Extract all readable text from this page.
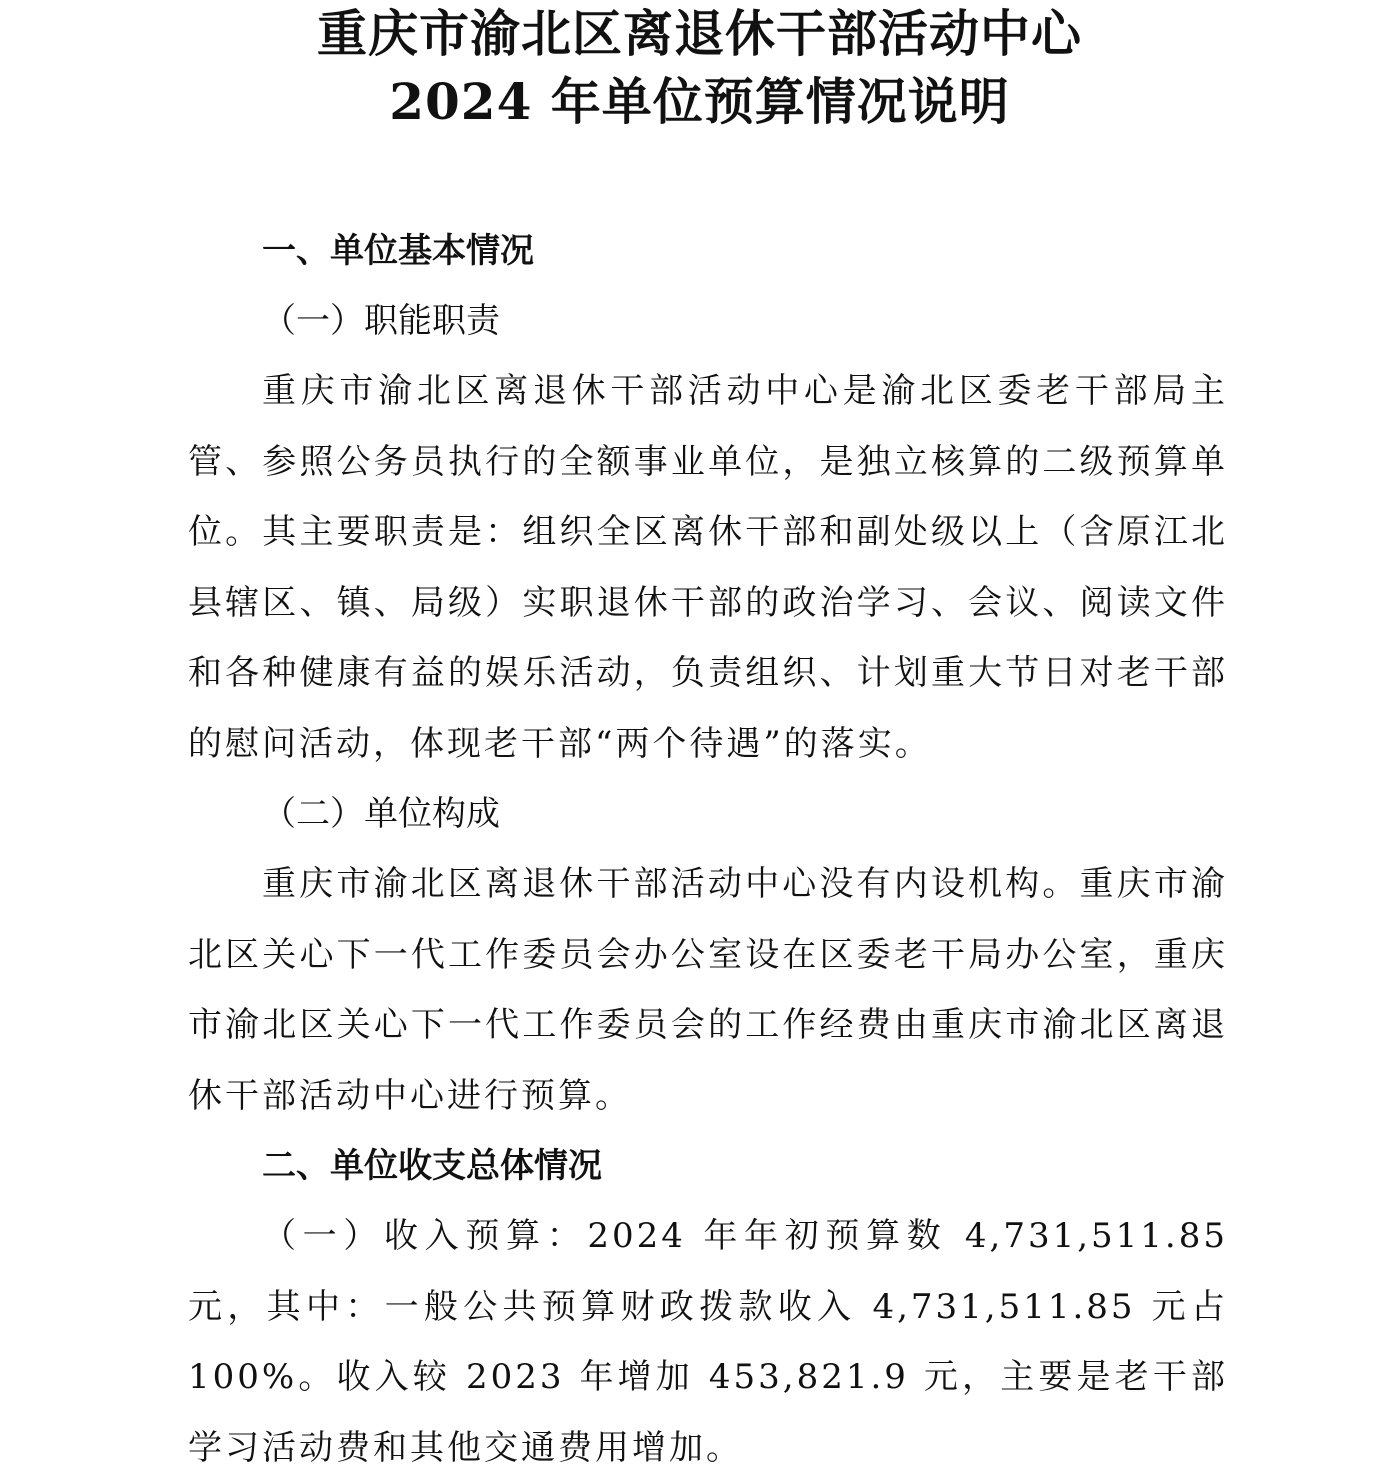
重庆市渝北区离退休干部活动中心
2024 年单位预算情况说明
一、单位基本情况
（一）职能职责

重庆市渝北区离退休干部活动中心是渝北区委老干部局主管、参照公务员执行的全额事业单位，是独立核算的二级预算单位。其主要职责是：组织全区离休干部和副处级以上（含原江北县辖区、镇、局级）实职退休干部的政治学习、会议、阅读文件和各种健康有益的娱乐活动，负责组织、计划重大节日对老干部的慰问活动，体现老干部“两个待遇”的落实。

（二）单位构成

重庆市渝北区离退休干部活动中心没有内设机构。重庆市渝北区关心下一代工作委员会办公室设在区委老干局办公室，重庆市渝北区关心下一代工作委员会的工作经费由重庆市渝北区离退休干部活动中心进行预算。

二、单位收支总体情况

（一）收入预算：2024 年年初预算数 4,731,511.85 元，其中：一般公共预算财政拨款收入 4,731,511.85 元占 100%。收入较 2023 年增加 453,821.9 元，主要是老干部学习活动费和其他交通费用增加。
